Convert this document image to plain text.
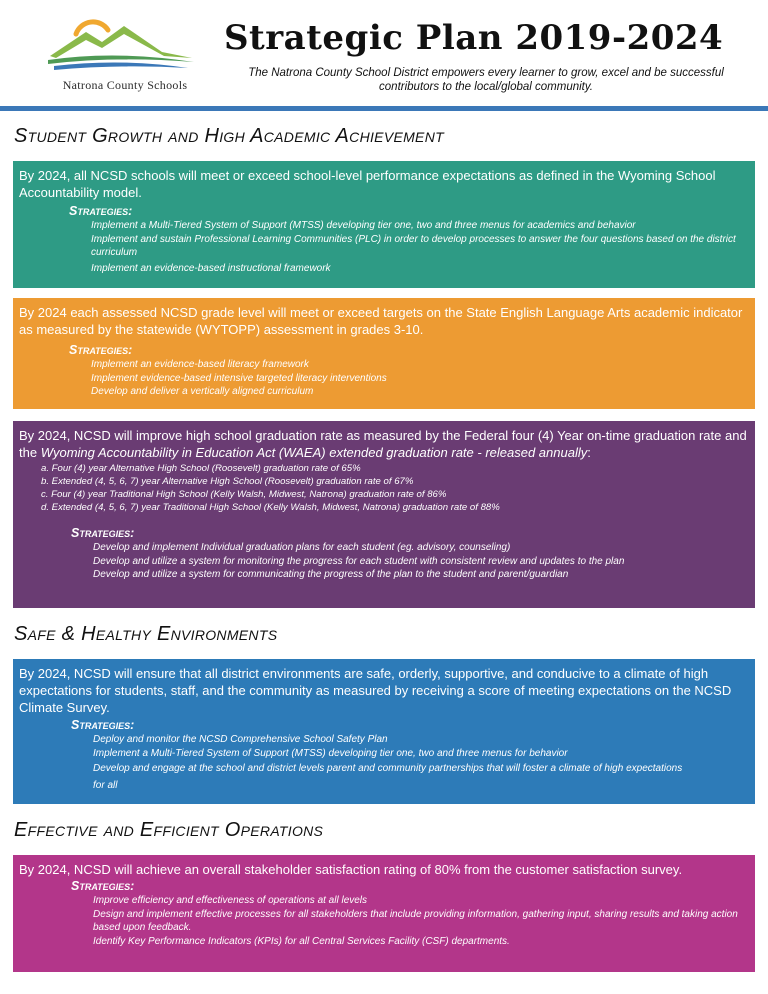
Natrona County Schools
Strategic Plan 2019-2024
The Natrona County School District empowers every learner to grow, excel and be successful contributors to the local/global community.
Student Growth and High Academic Achievement

By 2024, all NCSD schools will meet or exceed school-level performance expectations as defined in the Wyoming School Accountability model.

Strategies:
Implement a Multi-Tiered System of Support (MTSS) developing tier one, two and three menus for academics and behavior
Implement and sustain Professional Learning Communities (PLC) in order to develop processes to answer the four questions based on the district curriculum
Implement an evidence-based instructional framework

By 2024 each assessed NCSD grade level will meet or exceed targets on the State English Language Arts academic indicator as measured by the statewide (WYTOPP) assessment in grades 3-10.

Strategies:
Implement an evidence-based literacy framework
Implement evidence-based intensive targeted literacy interventions
Develop and deliver a vertically aligned curriculum

By 2024, NCSD will improve high school graduation rate as measured by the Federal four (4) Year on-time graduation rate and the Wyoming Accountability in Education Act (WAEA) extended graduation rate - released annually:

a. Four (4) year Alternative High School (Roosevelt) graduation rate of 65%
b. Extended (4, 5, 6, 7) year Alternative High School (Roosevelt) graduation rate of 67%
c. Four (4) year Traditional High School (Kelly Walsh, Midwest, Natrona) graduation rate of 86%
d. Extended (4, 5, 6, 7) year Traditional High School (Kelly Walsh, Midwest, Natrona) graduation rate of 88%
Strategies:
Develop and implement Individual graduation plans for each student (eg. advisory, counseling)
Develop and utilize a system for monitoring the progress for each student with consistent review and updates to the plan
Develop and utilize a system for communicating the progress of the plan to the student and parent/guardian
Safe & Healthy Environments

By 2024, NCSD will ensure that all district environments are safe, orderly, supportive, and conducive to a climate of high expectations for students, staff, and the community as measured by receiving a score of meeting expectations on the NCSD Climate Survey.

Strategies:
Deploy and monitor the NCSD Comprehensive School Safety Plan
Implement a Multi-Tiered System of Support (MTSS) developing tier one, two and three menus for behavior
Develop and engage at the school and district levels parent and community partnerships that will foster a climate of high expectations for all
Effective and Efficient Operations

By 2024, NCSD will achieve an overall stakeholder satisfaction rating of 80% from the customer satisfaction survey.

Strategies:
Improve efficiency and effectiveness of operations at all levels
Design and implement effective processes for all stakeholders that include providing information, gathering input, sharing results and taking action based upon feedback.
Identify Key Performance Indicators (KPIs) for all Central Services Facility (CSF) departments.
